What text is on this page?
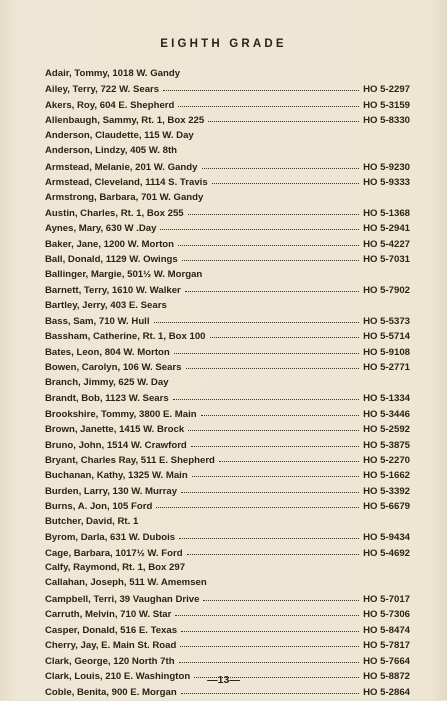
EIGHTH GRADE
Adair, Tommy, 1018 W. Gandy
Ailey, Terry, 722 W. Sears	HO 5-2297
Akers, Roy, 604 E. Shepherd	HO 5-3159
Allenbaugh, Sammy, Rt. 1, Box 225	HO 5-8330
Anderson, Claudette, 115 W. Day
Anderson, Lindzy, 405 W. 8th
Armstead, Melanie, 201 W. Gandy	HO 5-9230
Armstead, Cleveland, 1114 S. Travis	HO 5-9333
Armstrong, Barbara, 701 W. Gandy
Austin, Charles, Rt. 1, Box 255	HO 5-1368
Aynes, Mary, 630 W .Day	HO 5-2941
Baker, Jane, 1200 W. Morton	HO 5-4227
Ball, Donald, 1129 W. Owings	HO 5-7031
Ballinger, Margie, 501½ W. Morgan
Barnett, Terry, 1610 W. Walker	HO 5-7902
Bartley, Jerry, 403 E. Sears
Bass, Sam, 710 W. Hull	HO 5-5373
Bassham, Catherine, Rt. 1, Box 100	HO 5-5714
Bates, Leon, 804 W. Morton	HO 5-9108
Bowen, Carolyn, 106 W. Sears	HO 5-2771
Branch, Jimmy, 625 W. Day
Brandt, Bob, 1123 W. Sears	HO 5-1334
Brookshire, Tommy, 3800 E. Main	HO 5-3446
Brown, Janette, 1415 W. Brock	HO 5-2592
Bruno, John, 1514 W. Crawford	HO 5-3875
Bryant, Charles Ray, 511 E. Shepherd	HO 5-2270
Buchanan, Kathy, 1325 W. Main	HO 5-1662
Burden, Larry, 130 W. Murray	HO 5-3392
Burns, A. Jon, 105 Ford	HO 5-6679
Butcher, David, Rt. 1
Byrom, Darla, 631 W. Dubois	HO 5-9434
Cage, Barbara, 1017½ W. Ford	HO 5-4692
Calfy, Raymond, Rt. 1, Box 297
Callahan, Joseph, 511 W. Amemsen
Campbell, Terri, 39 Vaughan Drive	HO 5-7017
Carruth, Melvin, 710 W. Star	HO 5-7306
Casper, Donald, 516 E. Texas	HO 5-8474
Cherry, Jay, E. Main St. Road	HO 5-7817
Clark, George, 120 North 7th	HO 5-7664
Clark, Louis, 210 E. Washington	HO 5-8872
Coble, Benita, 900 E. Morgan	HO 5-2864
—13—
